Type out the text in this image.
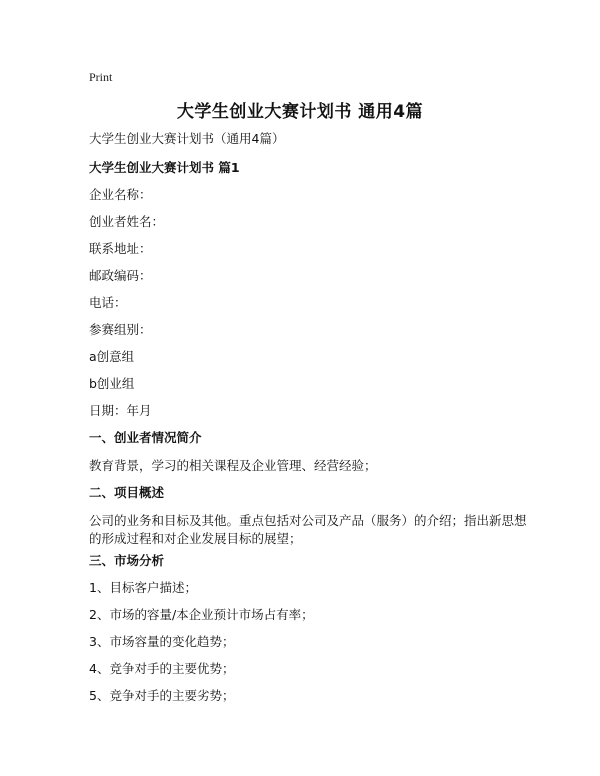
Print
大学生创业大赛计划书 通用4篇
大学生创业大赛计划书（通用4篇）
大学生创业大赛计划书 篇1
企业名称：
创业者姓名：
联系地址：
邮政编码：
电话：
参赛组别：
a创意组
b创业组
日期：年月
一、创业者情况简介
教育背景，学习的相关课程及企业管理、经营经验；
二、项目概述
公司的业务和目标及其他。重点包括对公司及产品（服务）的介绍；指出新思想的形成过程和对企业发展目标的展望；
三、市场分析
1、目标客户描述；
2、市场的容量/本企业预计市场占有率；
3、市场容量的变化趋势；
4、竞争对手的主要优势；
5、竞争对手的主要劣势；
